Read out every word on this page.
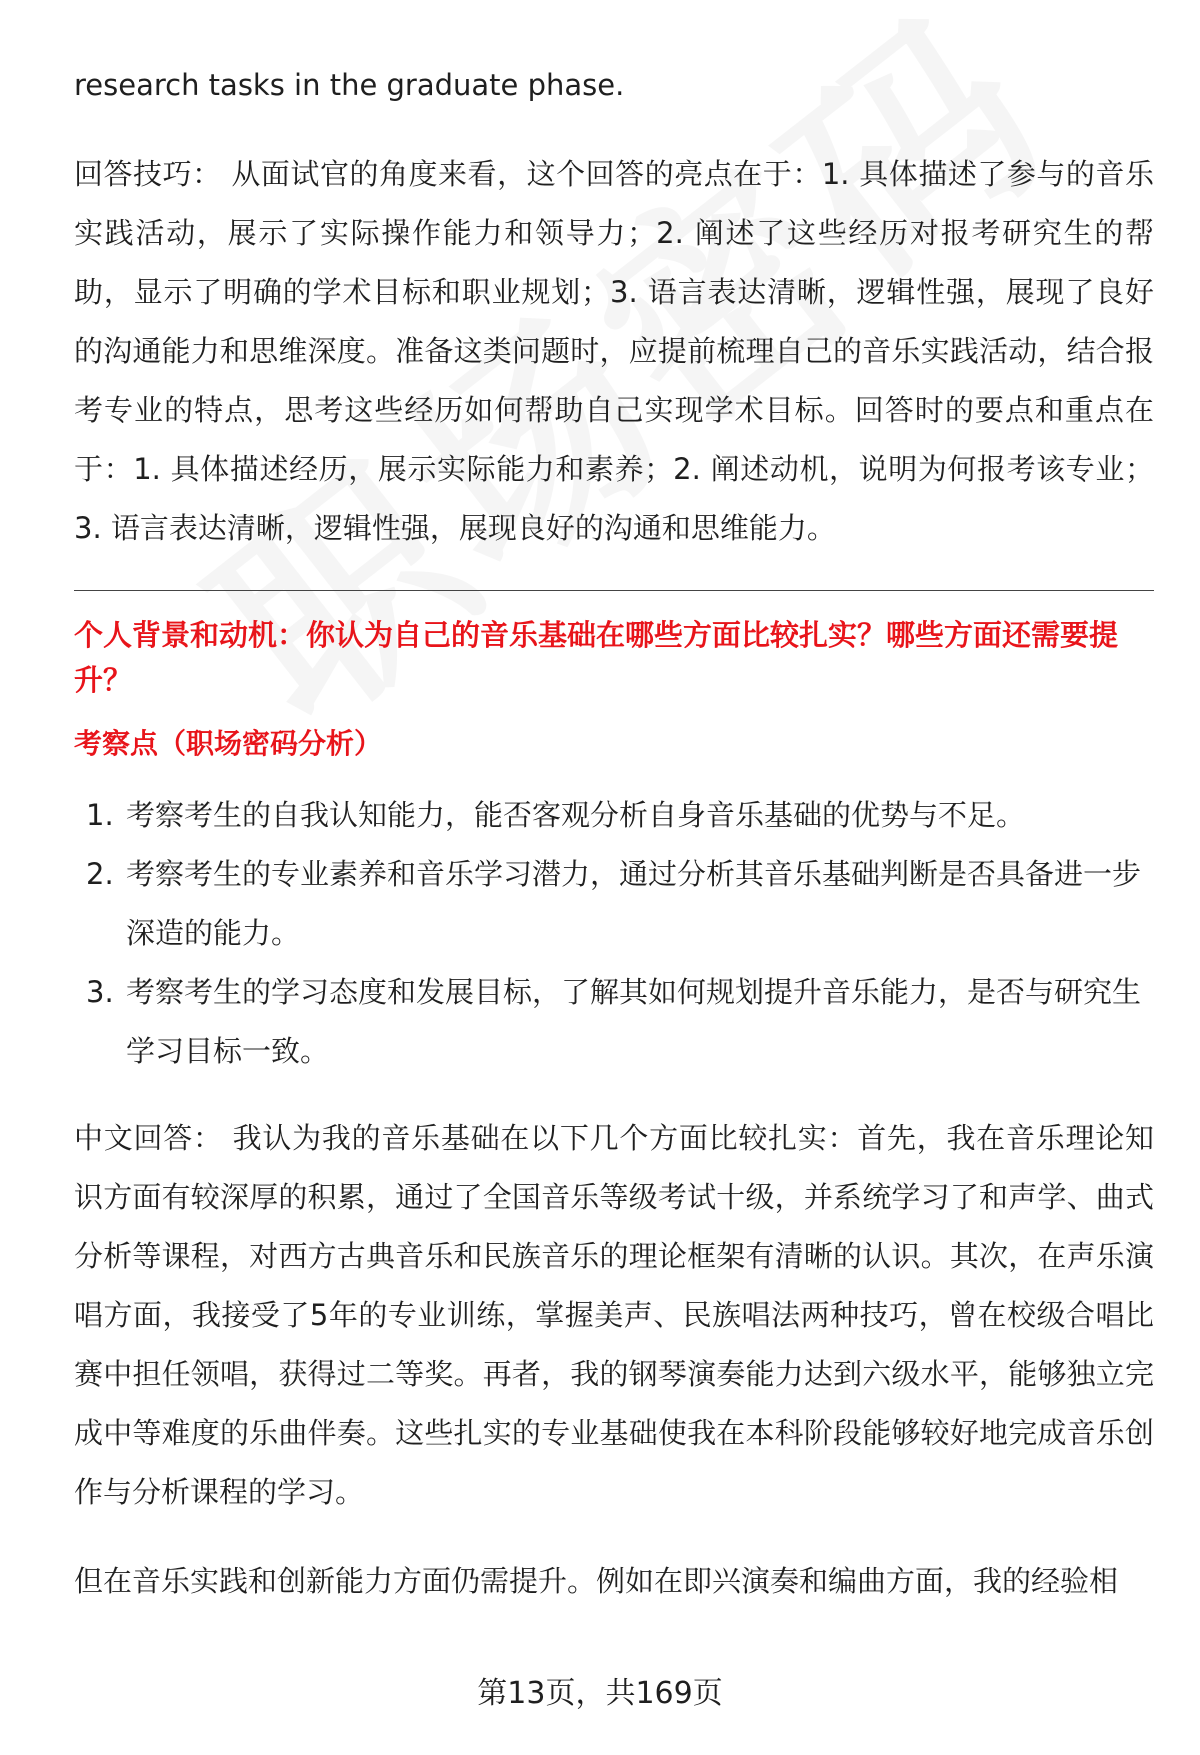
research tasks in the graduate phase.

回答技巧： 从面试官的角度来看，这个回答的亮点在于：1. 具体描述了参与的音乐实践活动，展示了实际操作能力和领导力；2. 阐述了这些经历对报考研究生的帮助，显示了明确的学术目标和职业规划；3. 语言表达清晰，逻辑性强，展现了良好的沟通能力和思维深度。准备这类问题时，应提前梳理自己的音乐实践活动，结合报考专业的特点，思考这些经历如何帮助自己实现学术目标。回答时的要点和重点在于：1. 具体描述经历，展示实际能力和素养；2. 阐述动机，说明为何报考该专业；3. 语言表达清晰，逻辑性强，展现良好的沟通和思维能力。

个人背景和动机：你认为自己的音乐基础在哪些方面比较扎实？哪些方面还需要提升？
考察点（职场密码分析）
1. 考察考生的自我认知能力，能否客观分析自身音乐基础的优势与不足。
2. 考察考生的专业素养和音乐学习潜力，通过分析其音乐基础判断是否具备进一步深造的能力。
3. 考察考生的学习态度和发展目标，了解其如何规划提升音乐能力，是否与研究生学习目标一致。

中文回答： 我认为我的音乐基础在以下几个方面比较扎实：首先，我在音乐理论知识方面有较深厚的积累，通过了全国音乐等级考试十级，并系统学习了和声学、曲式分析等课程，对西方古典音乐和民族音乐的理论框架有清晰的认识。其次，在声乐演唱方面，我接受了5年的专业训练，掌握美声、民族唱法两种技巧，曾在校级合唱比赛中担任领唱，获得过二等奖。再者，我的钢琴演奏能力达到六级水平，能够独立完成中等难度的乐曲伴奏。这些扎实的专业基础使我在本科阶段能够较好地完成音乐创作与分析课程的学习。

但在音乐实践和创新能力方面仍需提升。例如在即兴演奏和编曲方面，我的经验相

第13页，共169页
